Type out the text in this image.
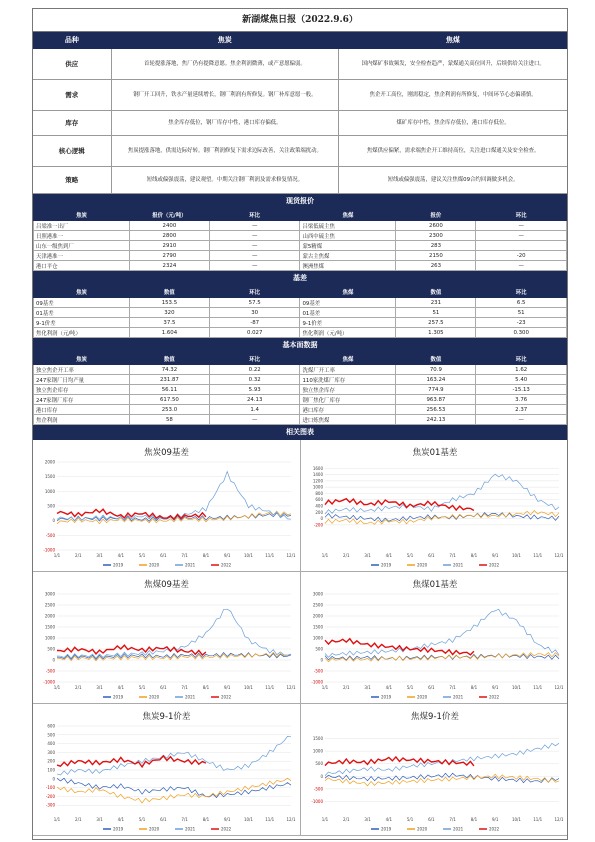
新湖煤焦日报（2022.9.6）
品种	焦炭	焦煤
供应	首轮提涨落地，焦厂仍有提降意愿。焦企利润微薄，或产意愿偏弱。	国内煤矿事故频发，安全检查趋严，蒙煤通关高位回升，后续供给关注进口。
需求	钢厂开工回升，铁水产量延续增长，钢厂利润有所修复。钢厂补库意愿一般。	焦企开工高位，刚需稳定，焦企利润有所修复，中间环节心态偏谨慎。
库存	焦企库存低位，钢厂库存中性，港口库存偏低。	煤矿库存中性，焦企库存低位，港口库存低位。
核心逻辑	焦炭提涨落地，供需边际好转。钢厂利润修复下需求边际改善，关注政策端扰动。	焦煤供应偏紧，需求端焦企开工维持高位，关注进口煤通关及安全检查。
策略	短线或偏强震荡，建议观望。中期关注钢厂利润及需求修复情况。	短线或偏强震荡，建议关注焦煤09合约回调做多机会。
现货报价
焦炭	报价（元/吨）	环比	焦煤	报价	环比
吕梁准一出厂	2400	—	吕梁低硫主焦	2600	—
日照港准一	2800	—	山西中硫主焦	2300	—
山东一级焦到厂	2910	—	蒙5精煤	283	
天津港准一	2790	—	蒙古主焦煤	2150	-20
港口平仓	2324	—	澳洲焦煤	263	—
基差
焦炭	数值	环比	焦煤	数值	环比
09基差	153.5	57.5	09基差	231	6.5
01基差	320	30	01基差	51	51
9-1价差	37.5	-87	9-1价差	257.5	-23
焦化利润（元/吨）	1.604	0.027	焦化利润（元/吨）	1.305	0.300
基本面数据
焦炭	数值	环比	焦煤	数值	环比
独立焦企开工率	74.32	0.22	洗煤厂开工率	70.9	1.62
247家钢厂日均产量	231.87	0.32	110家洗煤厂库存	163.24	5.40
独立焦企库存	56.11	5.93	独立焦企库存	774.9	-15.13
247家钢厂库存	617.50	24.13	钢厂焦化厂库存	963.87	3.76
港口库存	253.0	1.4	港口库存	256.53	2.37
焦企利润	58	—	进口炼焦煤	242.13	—
相关图表
焦炭09基差
2000
1500
1000
500
0
-500
-1000
1/1	2/1	3/1	4/1	5/1	6/1	7/1	8/1	9/1	10/1	11/1	12/1
2019	2020	2021	2022
焦炭01基差
1600
1400
1200
1000
800
600
400
200
0
-200
1/1	2/1	3/1	4/1	5/1	6/1	7/1	8/1	9/1	10/1	11/1	12/1
2019	2020	2021	2022
焦煤09基差
3000
2500
2000
1500
1000
500
0
-500
-1000
1/1	2/1	3/1	4/1	5/1	6/1	7/1	8/1	9/1	10/1	11/1	12/1
2019	2020	2021	2022
焦煤01基差
3000
2500
2000
1500
1000
500
0
-500
-1000
1/1	2/1	3/1	4/1	5/1	6/1	7/1	8/1	9/1	10/1	11/1	12/1
2019	2020	2021	2022
焦炭9-1价差
600
500
400
300
200
100
0
-100
-200
-300
1/1	2/1	3/1	4/1	5/1	6/1	7/1	8/1	9/1	10/1	11/1	12/1
2019	2020	2021	2022
焦煤9-1价差
1500
1000
500
0
-500
-1000
1/1	2/1	3/1	4/1	5/1	6/1	7/1	8/1	9/1	10/1	11/1	12/1
2019	2020	2021	2022
